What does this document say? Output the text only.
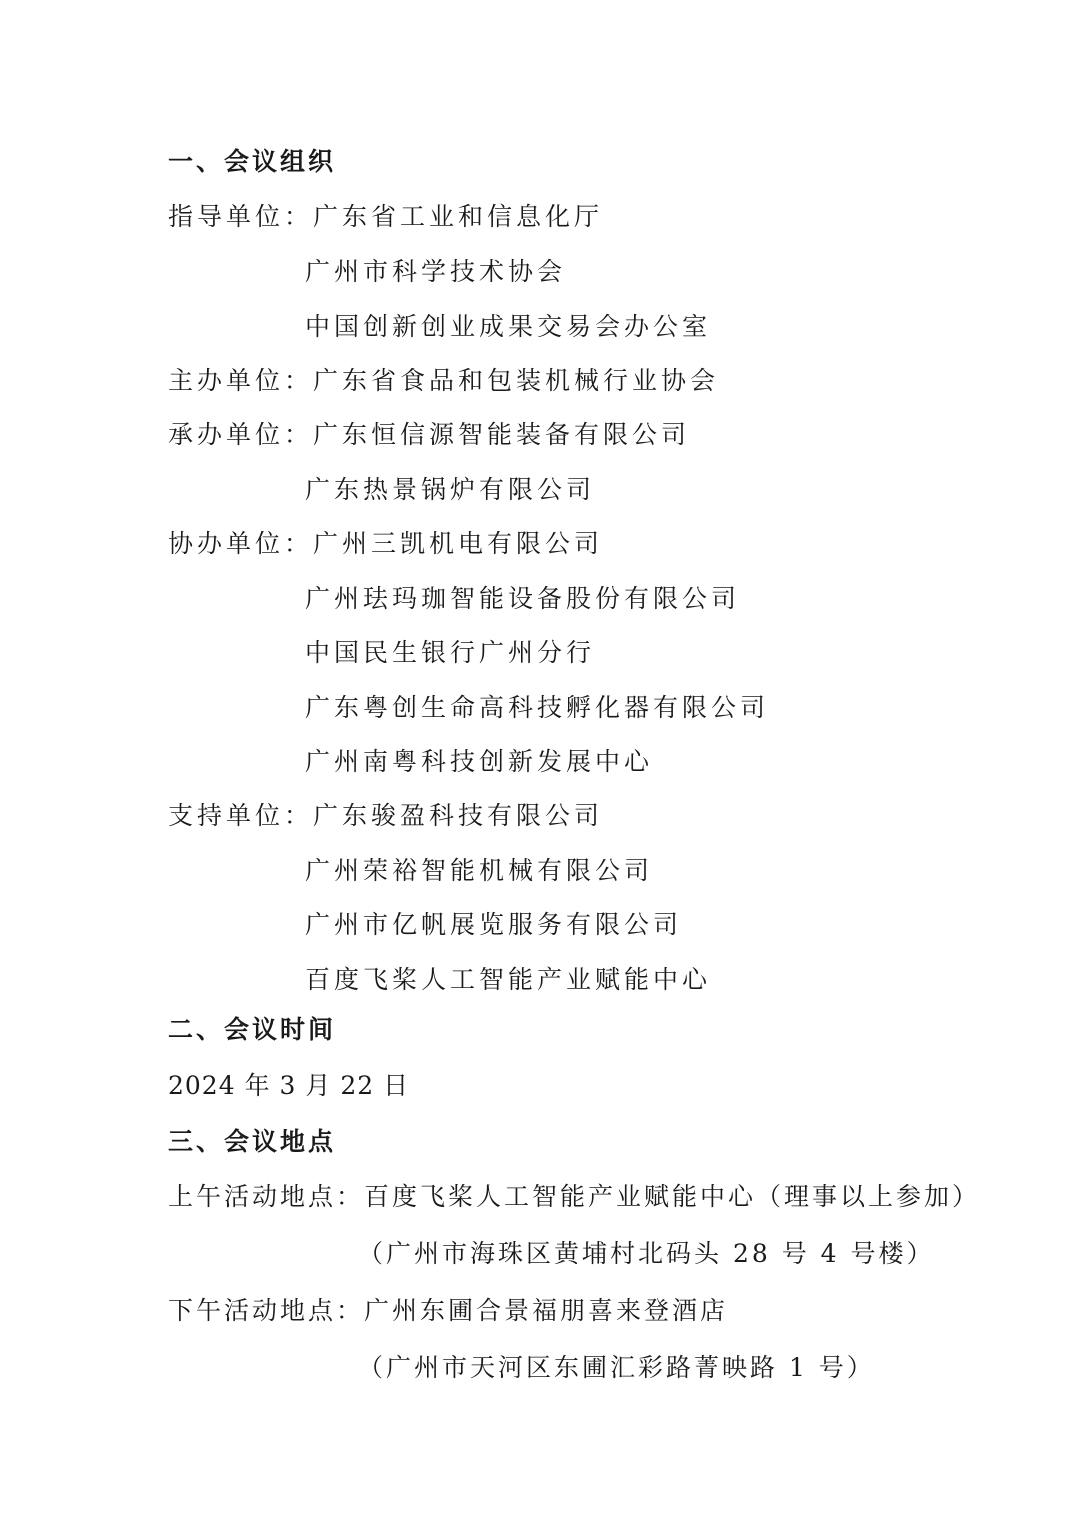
一、会议组织
指导单位：广东省工业和信息化厅
广州市科学技术协会
中国创新创业成果交易会办公室
主办单位：广东省食品和包装机械行业协会
承办单位：广东恒信源智能装备有限公司
广东热景锅炉有限公司
协办单位：广州三凯机电有限公司
广州珐玛珈智能设备股份有限公司
中国民生银行广州分行
广东粤创生命高科技孵化器有限公司
广州南粤科技创新发展中心
支持单位：广东骏盈科技有限公司
广州荣裕智能机械有限公司
广州市亿帆展览服务有限公司
百度飞桨人工智能产业赋能中心
二、会议时间
2024 年 3 月 22 日
三、会议地点
上午活动地点：百度飞桨人工智能产业赋能中心（理事以上参加）
（广州市海珠区黄埔村北码头 28 号 4 号楼）
下午活动地点：广州东圃合景福朋喜来登酒店
（广州市天河区东圃汇彩路菁映路 1 号）
